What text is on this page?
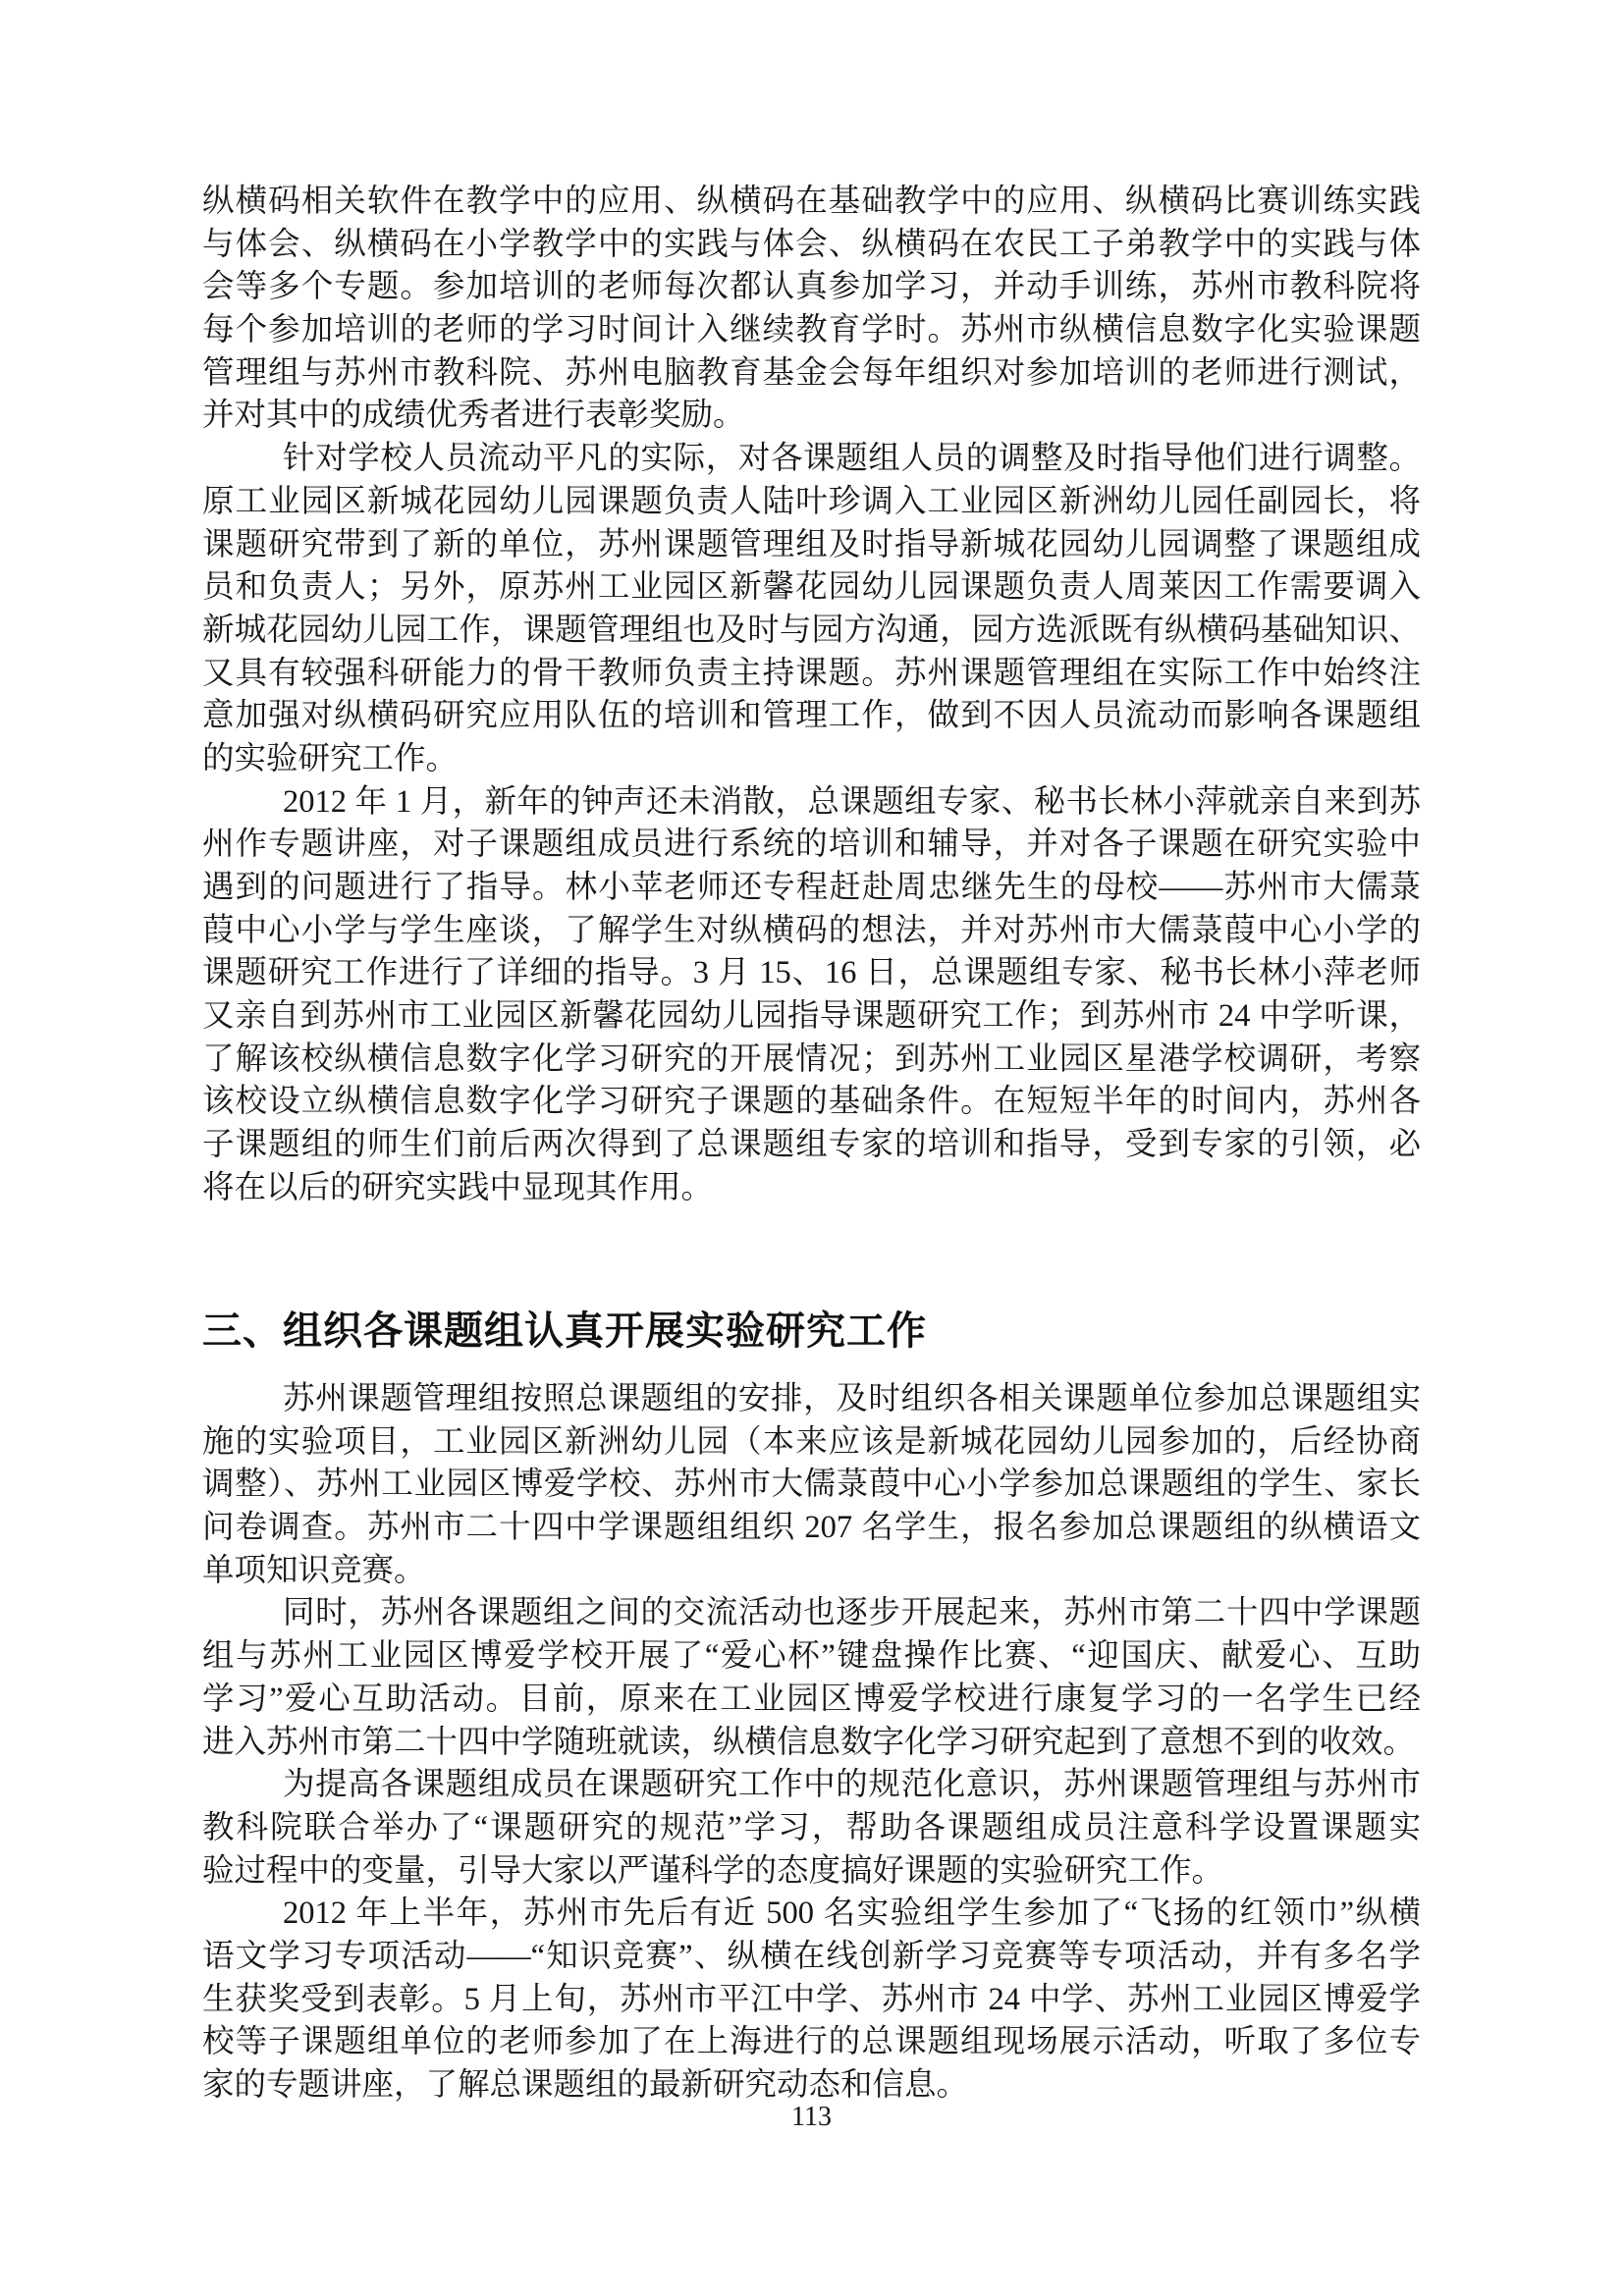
纵横码相关软件在教学中的应用、纵横码在基础教学中的应用、纵横码比赛训练实践
与体会、纵横码在小学教学中的实践与体会、纵横码在农民工子弟教学中的实践与体
会等多个专题。参加培训的老师每次都认真参加学习，并动手训练，苏州市教科院将
每个参加培训的老师的学习时间计入继续教育学时。苏州市纵横信息数字化实验课题
管理组与苏州市教科院、苏州电脑教育基金会每年组织对参加培训的老师进行测试，
并对其中的成绩优秀者进行表彰奖励。
针对学校人员流动平凡的实际，对各课题组人员的调整及时指导他们进行调整。
原工业园区新城花园幼儿园课题负责人陆叶珍调入工业园区新洲幼儿园任副园长，将
课题研究带到了新的单位，苏州课题管理组及时指导新城花园幼儿园调整了课题组成
员和负责人；另外，原苏州工业园区新馨花园幼儿园课题负责人周莱因工作需要调入
新城花园幼儿园工作，课题管理组也及时与园方沟通，园方选派既有纵横码基础知识、
又具有较强科研能力的骨干教师负责主持课题。苏州课题管理组在实际工作中始终注
意加强对纵横码研究应用队伍的培训和管理工作，做到不因人员流动而影响各课题组
的实验研究工作。
2012 年 1 月，新年的钟声还未消散，总课题组专家、秘书长林小萍就亲自来到苏
州作专题讲座，对子课题组成员进行系统的培训和辅导，并对各子课题在研究实验中
遇到的问题进行了指导。林小苹老师还专程赶赴周忠继先生的母校——苏州市大儒菉
葭中心小学与学生座谈，了解学生对纵横码的想法，并对苏州市大儒菉葭中心小学的
课题研究工作进行了详细的指导。3 月 15、16 日，总课题组专家、秘书长林小萍老师
又亲自到苏州市工业园区新馨花园幼儿园指导课题研究工作；到苏州市 24 中学听课，
了解该校纵横信息数字化学习研究的开展情况；到苏州工业园区星港学校调研，考察
该校设立纵横信息数字化学习研究子课题的基础条件。在短短半年的时间内，苏州各
子课题组的师生们前后两次得到了总课题组专家的培训和指导，受到专家的引领，必
将在以后的研究实践中显现其作用。
三、组织各课题组认真开展实验研究工作
苏州课题管理组按照总课题组的安排，及时组织各相关课题单位参加总课题组实
施的实验项目，工业园区新洲幼儿园（本来应该是新城花园幼儿园参加的，后经协商
调整）、苏州工业园区博爱学校、苏州市大儒菉葭中心小学参加总课题组的学生、家长
问卷调查。苏州市二十四中学课题组组织 207 名学生，报名参加总课题组的纵横语文
单项知识竞赛。
同时，苏州各课题组之间的交流活动也逐步开展起来，苏州市第二十四中学课题
组与苏州工业园区博爱学校开展了“爱心杯”键盘操作比赛、“迎国庆、献爱心、互助
学习”爱心互助活动。目前，原来在工业园区博爱学校进行康复学习的一名学生已经
进入苏州市第二十四中学随班就读，纵横信息数字化学习研究起到了意想不到的收效。
为提高各课题组成员在课题研究工作中的规范化意识，苏州课题管理组与苏州市
教科院联合举办了“课题研究的规范”学习，帮助各课题组成员注意科学设置课题实
验过程中的变量，引导大家以严谨科学的态度搞好课题的实验研究工作。
2012 年上半年，苏州市先后有近 500 名实验组学生参加了“飞扬的红领巾”纵横
语文学习专项活动——“知识竞赛”、纵横在线创新学习竞赛等专项活动，并有多名学
生获奖受到表彰。5 月上旬，苏州市平江中学、苏州市 24 中学、苏州工业园区博爱学
校等子课题组单位的老师参加了在上海进行的总课题组现场展示活动，听取了多位专
家的专题讲座，了解总课题组的最新研究动态和信息。
113
